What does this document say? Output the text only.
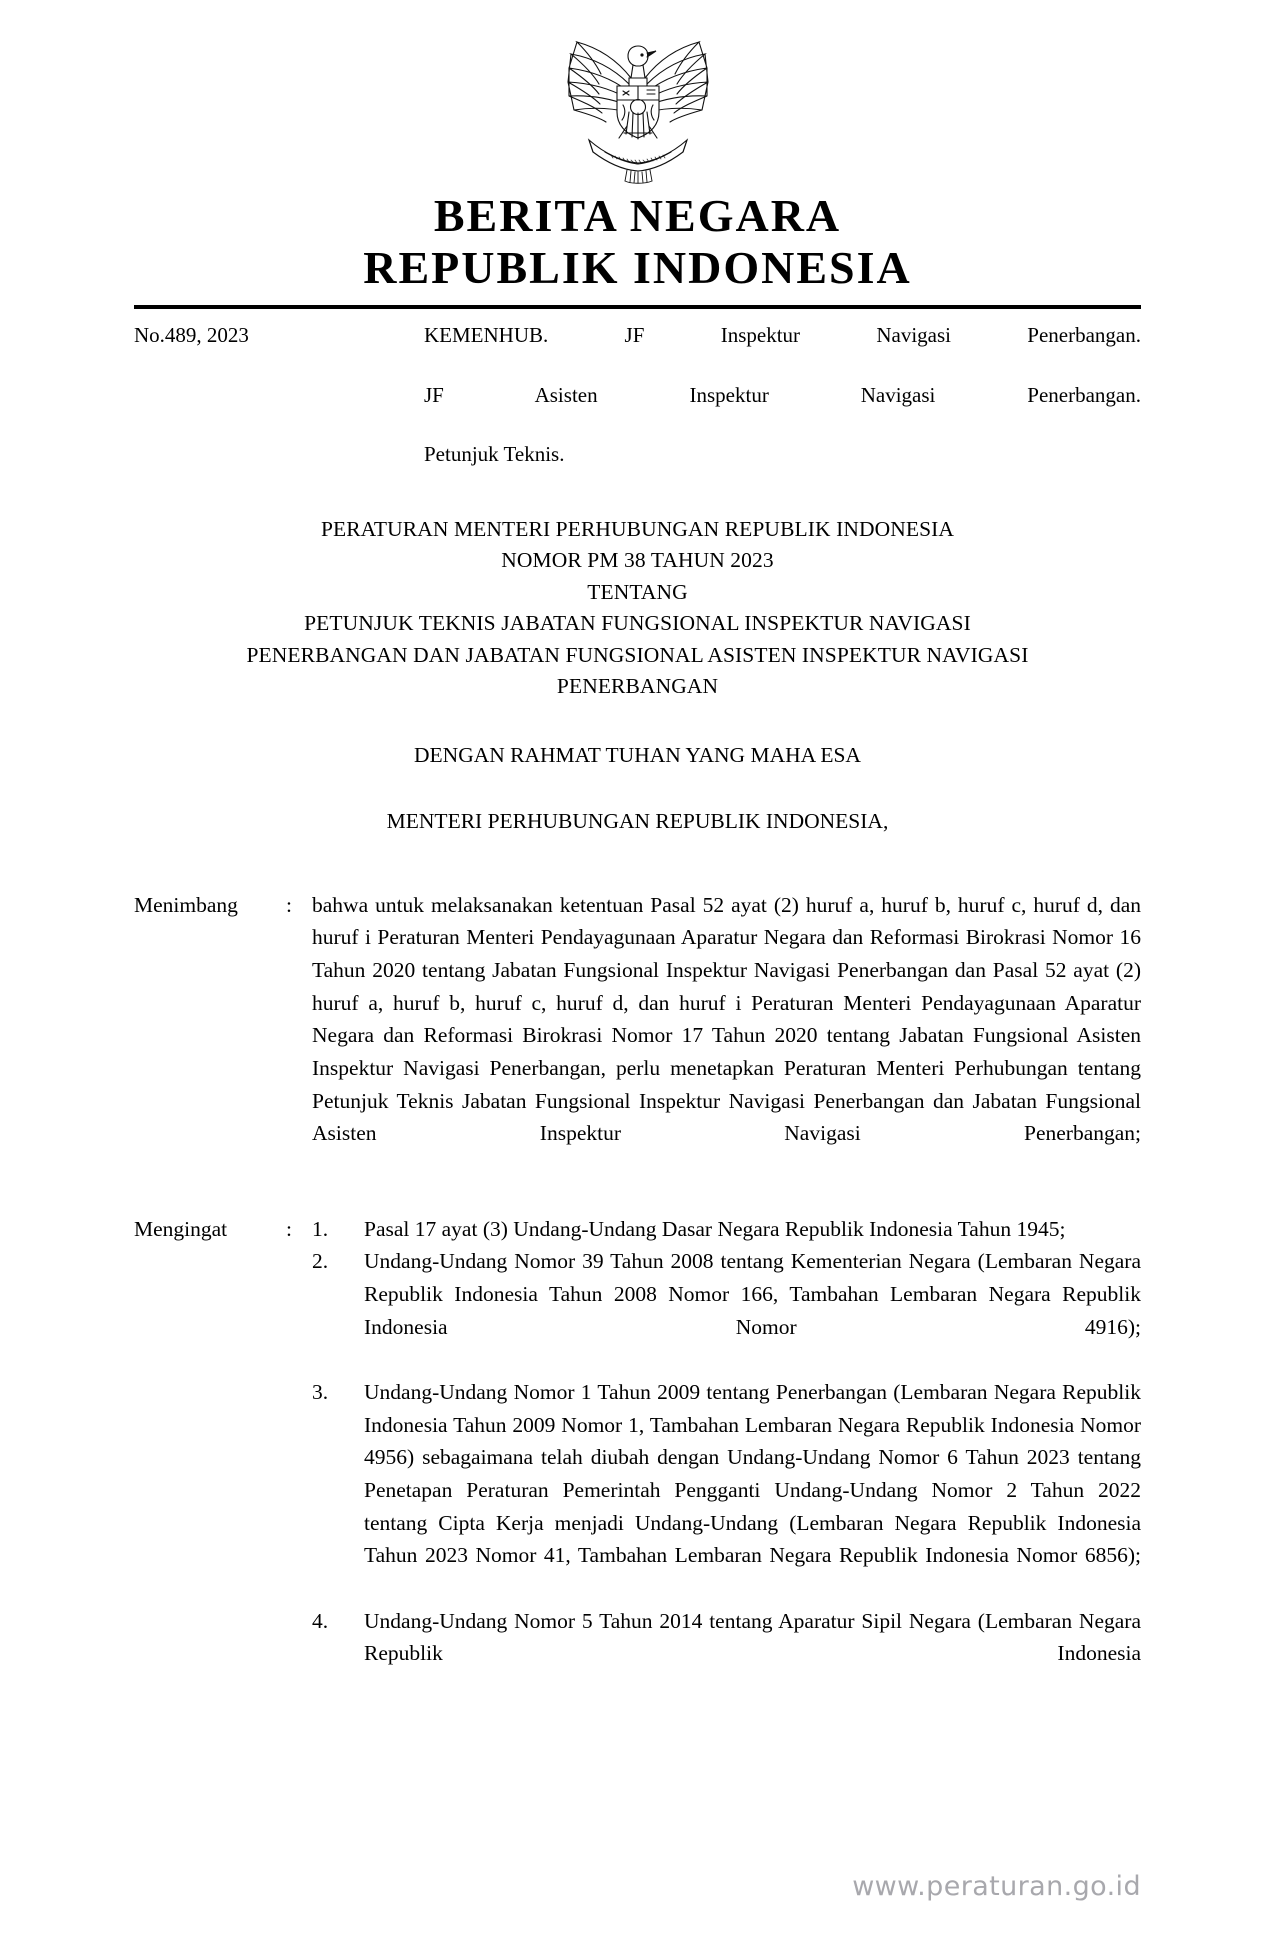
BERITA NEGARA
REPUBLIK INDONESIA
No.489, 2023	KEMENHUB. JF Inspektur Navigasi Penerbangan.

JF Asisten Inspektur Navigasi Penerbangan.

Petunjuk Teknis.

PERATURAN MENTERI PERHUBUNGAN REPUBLIK INDONESIA
NOMOR PM 38 TAHUN 2023
TENTANG
PETUNJUK TEKNIS JABATAN FUNGSIONAL INSPEKTUR NAVIGASI
PENERBANGAN DAN JABATAN FUNGSIONAL ASISTEN INSPEKTUR NAVIGASI
PENERBANGAN
DENGAN RAHMAT TUHAN YANG MAHA ESA
MENTERI PERHUBUNGAN REPUBLIK INDONESIA,
Menimbang	: bahwa untuk melaksanakan ketentuan Pasal 52 ayat (2) huruf a, huruf b, huruf c, huruf d, dan huruf i Peraturan Menteri Pendayagunaan Aparatur Negara dan Reformasi Birokrasi Nomor 16 Tahun 2020 tentang Jabatan Fungsional Inspektur Navigasi Penerbangan dan Pasal 52 ayat (2) huruf a, huruf b, huruf c, huruf d, dan huruf i Peraturan Menteri Pendayagunaan Aparatur Negara dan Reformasi Birokrasi Nomor 17 Tahun 2020 tentang Jabatan Fungsional Asisten Inspektur Navigasi Penerbangan, perlu menetapkan Peraturan Menteri Perhubungan tentang Petunjuk Teknis Jabatan Fungsional Inspektur Navigasi Penerbangan dan Jabatan Fungsional Asisten Inspektur Navigasi Penerbangan;

Mengingat	: 1.	Pasal 17 ayat (3) Undang-Undang Dasar Negara Republik Indonesia Tahun 1945;
2.	Undang-Undang Nomor 39 Tahun 2008 tentang Kementerian Negara (Lembaran Negara Republik Indonesia Tahun 2008 Nomor 166, Tambahan Lembaran Negara Republik Indonesia Nomor 4916);
3.	Undang-Undang Nomor 1 Tahun 2009 tentang Penerbangan (Lembaran Negara Republik Indonesia Tahun 2009 Nomor 1, Tambahan Lembaran Negara Republik Indonesia Nomor 4956) sebagaimana telah diubah dengan Undang-Undang Nomor 6 Tahun 2023 tentang Penetapan Peraturan Pemerintah Pengganti Undang-Undang Nomor 2 Tahun 2022 tentang Cipta Kerja menjadi Undang-Undang (Lembaran Negara Republik Indonesia Tahun 2023 Nomor 41, Tambahan Lembaran Negara Republik Indonesia Nomor 6856);
4.	Undang-Undang Nomor 5 Tahun 2014 tentang Aparatur Sipil Negara (Lembaran Negara Republik Indonesia
www.peraturan.go.id
